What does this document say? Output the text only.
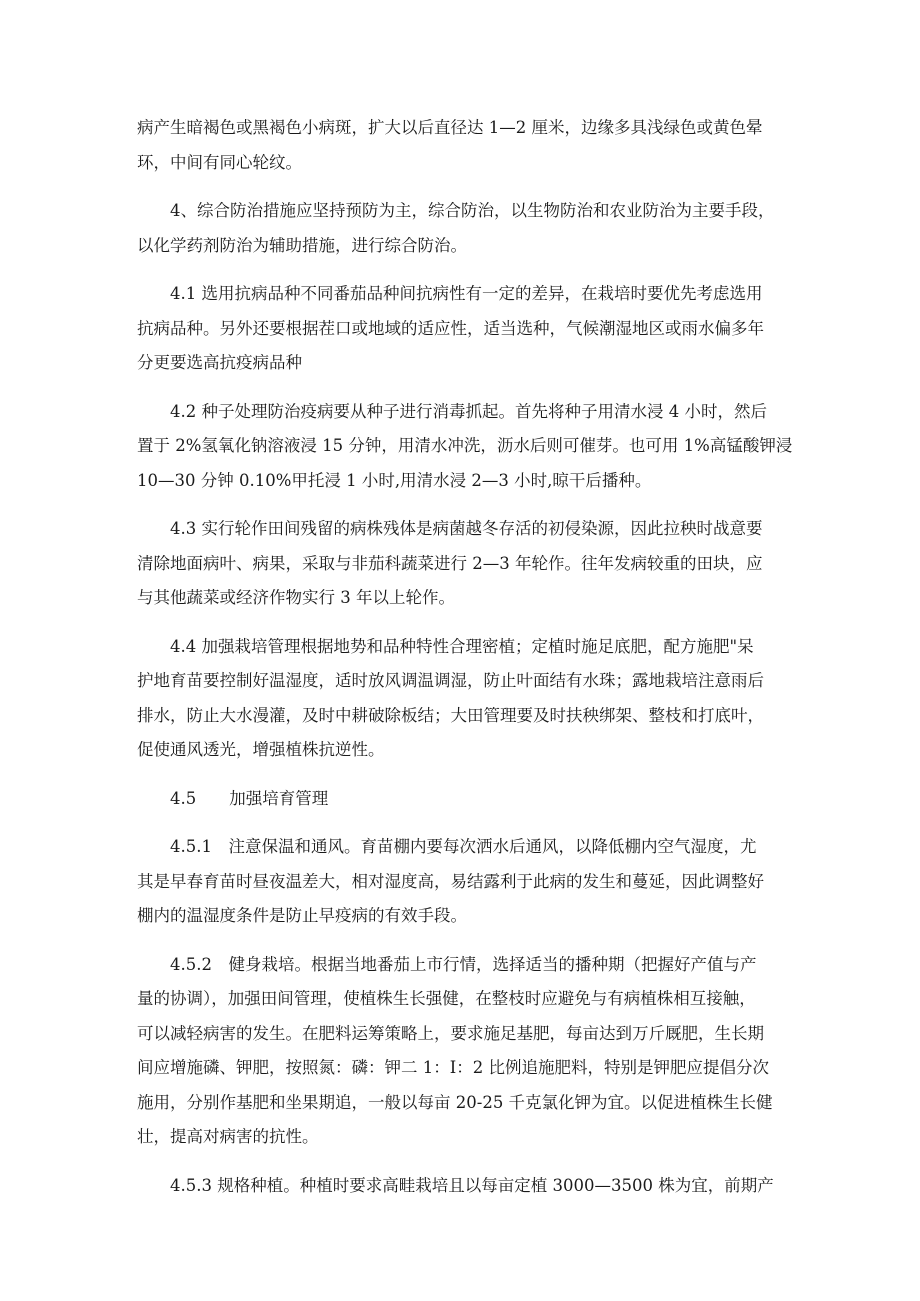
病产生暗褐色或黑褐色小病斑，扩大以后直径达 1—2 厘米，边缘多具浅绿色或黄色晕
环，中间有同心轮纹。
4、综合防治措施应坚持预防为主，综合防治，以生物防治和农业防治为主要手段，
以化学药剂防治为辅助措施，进行综合防治。
4.1 选用抗病品种不同番茄品种间抗病性有一定的差异，在栽培时要优先考虑选用
抗病品种。另外还要根据茬口或地域的适应性，适当选种，气候潮湿地区或雨水偏多年
分更要选高抗疫病品种
4.2 种子处理防治疫病要从种子进行消毒抓起。首先将种子用清水浸 4 小时，然后
置于 2%氢氧化钠溶液浸 15 分钟，用清水冲洗，沥水后则可催芽。也可用 1%高锰酸钾浸
10—30 分钟 0.10%甲托浸 1 小时,用清水浸 2—3 小时,晾干后播种。
4.3 实行轮作田间残留的病株残体是病菌越冬存活的初侵染源，因此拉秧时战意要
清除地面病叶、病果，采取与非茄科蔬菜进行 2—3 年轮作。往年发病较重的田块，应
与其他蔬菜或经济作物实行 3 年以上轮作。
4.4 加强栽培管理根据地势和品种特性合理密植；定植时施足底肥，配方施肥"呆
护地育苗要控制好温湿度，适时放风调温调湿，防止叶面结有水珠；露地栽培注意雨后
排水，防止大水漫灌，及时中耕破除板结；大田管理要及时扶秧绑架、整枝和打底叶，
促使通风透光，增强植株抗逆性。
4.5　　加强培育管理
4.5.1　注意保温和通风。育苗棚内要每次洒水后通风，以降低棚内空气湿度，尤
其是早春育苗时昼夜温差大，相对湿度高，易结露利于此病的发生和蔓延，因此调整好
棚内的温湿度条件是防止早疫病的有效手段。
4.5.2　健身栽培。根据当地番茄上市行情，选择适当的播种期（把握好产值与产
量的协调），加强田间管理，使植株生长强健，在整枝时应避免与有病植株相互接触，
可以减轻病害的发生。在肥料运筹策略上，要求施足基肥，每亩达到万斤厩肥，生长期
间应增施磷、钾肥，按照氮：磷：钾二 1：I：2 比例追施肥料，特别是钾肥应提倡分次
施用，分别作基肥和坐果期追，一般以每亩 20-25 千克氯化钾为宜。以促进植株生长健
壮，提高对病害的抗性。
4.5.3 规格种植。种植时要求高畦栽培且以每亩定植 3000—3500 株为宜，前期产
